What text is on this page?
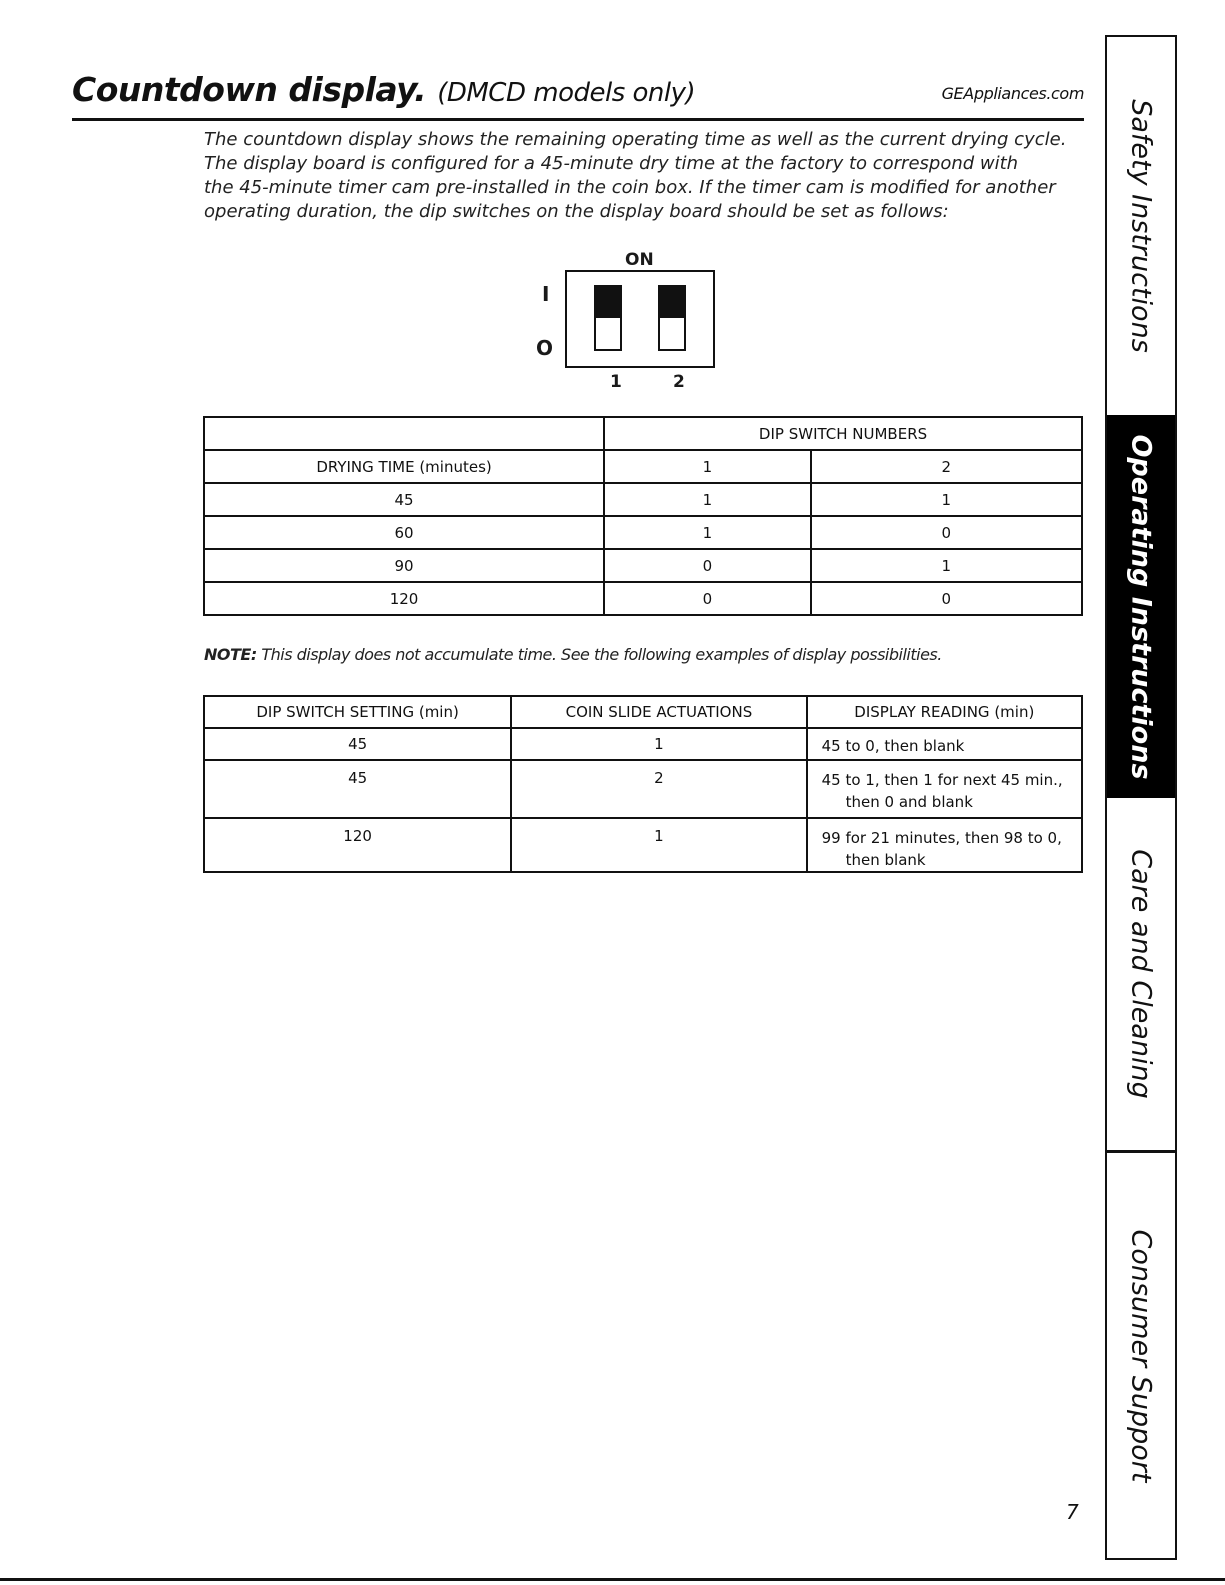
Countdown display. (DMCD models only)	GEAppliances.com
The countdown display shows the remaining operating time as well as the current drying cycle.
The display board is configured for a 45-minute dry time at the factory to correspond with
the 45-minute timer cam pre-installed in the coin box. If the timer cam is modified for another
operating duration, the dip switches on the display board should be set as follows:
ON
I
O
1	2
	DIP SWITCH NUMBERS	
DRYING TIME (minutes)	1	2
45	1	1
60	1	0
90	0	1
120	0	0
NOTE: This display does not accumulate time. See the following examples of display possibilities.
DIP SWITCH SETTING (min)	COIN SLIDE ACTUATIONS	DISPLAY READING (min)
45	1	45 to 0, then blank
45	2	45 to 1, then 1 for next 45 min.,
then 0 and blank

120	1	99 for 21 minutes, then 98 to 0,
then blank
Safety Instructions
Operating Instructions
Care and Cleaning
Consumer Support
7
